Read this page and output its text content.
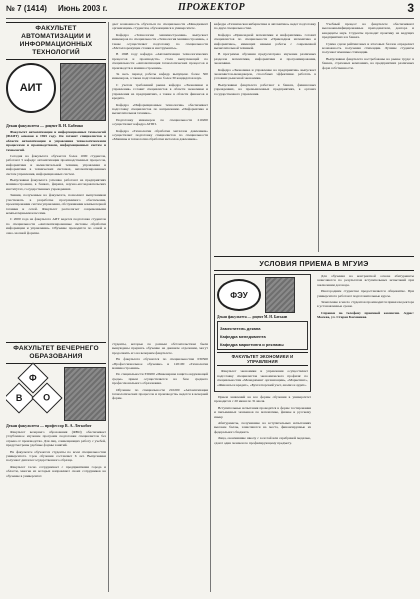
№ 7 (1414) Июнь 2003 г.	ПРОЖЕКТОР	3
ФАКУЛЬТЕТ АВТОМАТИЗАЦИИ И ИНФОРМАЦИОННЫХ ТЕХНОЛОГИЙ
АИТ
Декан факультета — доцент В. Н. Бабенко

Факультет автоматизации и информационных технологий (ФАИТ) основан в 1965 году. Он готовит специалистов в области автоматизации и управления технологическими процессами и производствами, информационных систем и технологий.

Сегодня на факультете обучается более 1000 студентов, работают 5 кафедр: автоматизации производственных процессов, информатики и вычислительной техники, управления и информатики в технических системах, автоматизированных систем управления, информационных систем.

Выпускники факультета успешно работают на предприятиях машиностроения, в банках, фирмах, научно-исследовательских институтах, государственных учреждениях.

Знания, полученные на факультете, позволяют выпускникам участвовать в разработке программного обеспечения, проектировании систем управления, обслуживании компьютерной техники и сетей. Факультет располагает современными компьютерными классами.

С 2000 года на факультете АИТ ведется подготовка студентов по специальности «Автоматизированные системы обработки информации и управления». Обучение проводится по очной и очно-заочной формам.

ФАКУЛЬТЕТ ВЕЧЕРНЕГО ОБРАЗОВАНИЯ
Ф
В О
Декан факультета — профессор В. А. Легкобит

Факультет вечернего образования (ФВО) обеспечивает углубленное изучение программ подготовки специалистов без отрыва от производства. Для лиц, совмещающих работу с учебой, предусмотрены удобные формы занятий.

На факультете обучаются студенты по всем специальностям университета. Срок обучения составляет 6 лет. Выпускники получают диплом государственного образца.

Факультет тесно сотрудничает с предприятиями города и области, многие из которых направляют своих сотрудников на обучение в университет.

дает возможность обучаться по специальности «Менеджмент организации» студентам, обучающимся в университете.

Кафедра «Технологии машиностроения» выпускает инженеров по специальности «Технология машиностроения», а также осуществляет подготовку по специальности «Металлорежущие станки и инструменты».

В 1998 году кафедра «Автоматизация технологических процессов и производств» стала выпускающей по специальности «Автоматизация технологических процессов и производств в машиностроении».

За весь период работы кафедр выпущено более 500 инженеров, а также подготовлено более 30 кандидатов наук.

С учетом требований рынка кафедра «Экономики и управления» готовит специалистов в области экономики и управления на предприятиях, а также в области финансов и кредита.

Кафедра «Информационные технологии» обеспечивает подготовку специалистов по направлению «Информатика и вычислительная техника».

Подготовку инженеров по специальности 210200 осуществляет кафедра АТПП.

Кафедра «Технологии обработки металлов давлением» осуществляет подготовку специалистов по специальности «Машины и технология обработки металлов давлением».

студенты, которые по разным обстоятельствам были вынуждены прервать обучение на дневном отделении, могут продолжить его на вечернем факультете.

На факультете обучаются по специальностям 030500 «Профессиональное обучение» и 120100 «Технология машиностроения».

По специальности 330200 «Инженерная защита окружающей среды» прием осуществляется на базе среднего профессионального образования.

Обучение по специальности 210200 «Автоматизация технологических процессов и производств» ведется в вечерней форме.

кафедра «Техническая кибернетика и автоматика» ведет подготовку по двум специальностям.

Кафедра «Прикладной математики и информатики» готовит специалистов по специальности «Прикладная математика и информатика», имеющих навыки работы с современной вычислительной техникой.

В программе обучения предусмотрено изучение различных разделов математики, информатики и программирования, экономики.

Кафедра «Экономика и управление на предприятии» выпускает экономистов-менеджеров, способных эффективно работать в условиях рыночной экономики.

Выпускники факультета работают в банках, финансовых учреждениях, на промышленных предприятиях, в органах государственного управления.

Учебный процесс на факультете обеспечивают высококвалифицированные преподаватели, доктора и кандидаты наук. Студенты проходят практику на ведущих предприятиях и в банках.

Сумма сдачи рейтинговых и итоговых баллов определяет возможность получения стипендии. Лучшие студенты получают именные стипендии.

Выпускники факультета востребованы на рынке труда: в банках, страховых компаниях, на предприятиях различных форм собственности.

УСЛОВИЯ ПРИЕМА В МГУИЭ
ФЭУ
Декан факультета — доцент М. Н. Батьков
Заместитель декана
Кафедра менеджмента
Кафедра маркетинга и рекламы
ФАКУЛЬТЕТ ЭКОНОМИКИ И УПРАВЛЕНИЯ

Факультет экономики и управления осуществляет подготовку специалистов экономического профиля: по специальностям «Менеджмент организации», «Маркетинг», «Финансы и кредит», «Бухгалтерский учет, анализ и аудит».

Прием заявлений на все формы обучения в университет проводится с 20 июня по 31 июля.

Вступительные испытания проводятся в форме тестирования и письменных экзаменов по математике, физике и русскому языку.

Абитуриенты, получившие на вступительных испытаниях высокие баллы, зачисляются на места, финансируемые из федерального бюджета.

Лица, окончившие школу с золотой или серебряной медалью, сдают один экзамен по профилирующему предмету.

Для обучения на контрактной основе абитуриенты зачисляются по результатам вступительных испытаний при заключении договора.

Иногородним студентам предоставляется общежитие. При университете работают подготовительные курсы.

Зачисление в число студентов производится приказом ректора в установленные сроки.

Справки по телефону приемной комиссии. Адрес: Москва, ул. Старая Басманная.
